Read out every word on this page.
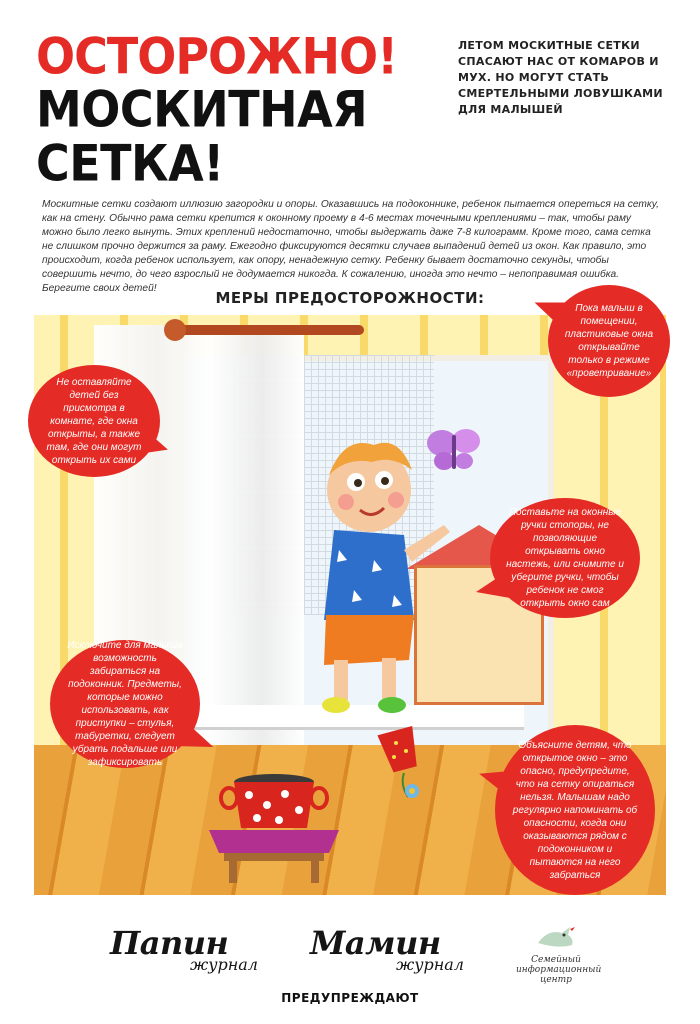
ОСТОРОЖНО!
МОСКИТНАЯ
СЕТКА!
ЛЕТОМ МОСКИТНЫЕ СЕТКИ СПАСАЮТ НАС ОТ КОМАРОВ И МУХ. НО МОГУТ СТАТЬ СМЕРТЕЛЬНЫМИ ЛОВУШКАМИ ДЛЯ МАЛЫШЕЙ

Москитные сетки создают иллюзию загородки и опоры. Оказавшись на подоконнике, ребенок пытается опереться на сетку, как на стену. Обычно рама сетки крепится к оконному проему в 4-6 местах точечными креплениями – так, чтобы раму можно было легко вынуть. Этих креплений недостаточно, чтобы выдержать даже 7-8 килограмм. Кроме того, сама сетка не слишком прочно держится за раму. Ежегодно фиксируются десятки случаев выпадений детей из окон. Как правило, это происходит, когда ребенок использует, как опору, ненадежную сетку. Ребенку бывает достаточно секунды, чтобы совершить нечто, до чего взрослый не додумается никогда. К сожалению, иногда это нечто – непоправимая ошибка. Берегите своих детей!

МЕРЫ ПРЕДОСТОРОЖНОСТИ:
Не оставляйте детей без присмотра в комнате, где окна открыты, а также там, где они могут открыть их сами
Пока малыш в помещении, пластиковые окна открывайте только в режиме «проветривание»
Поставьте на оконные ручки стопоры, не позволяющие открывать окно настежь, или снимите и уберите ручки, чтобы ребенок не смог открыть окно сам
Исключите для малыша возможность забираться на подоконник. Предметы, которые можно использовать, как приступки – стулья, табуретки, следует убрать подальше или зафиксировать
Объясните детям, что открытое окно – это опасно, предупредите, что на сетку опираться нельзя. Малышам надо регулярно напоминать об опасности, когда они оказываются рядом с подоконником и пытаются на него забраться
Папин
журнал
Мамин
журнал	Семейный информационный центр
ПРЕДУПРЕЖДАЮТ
